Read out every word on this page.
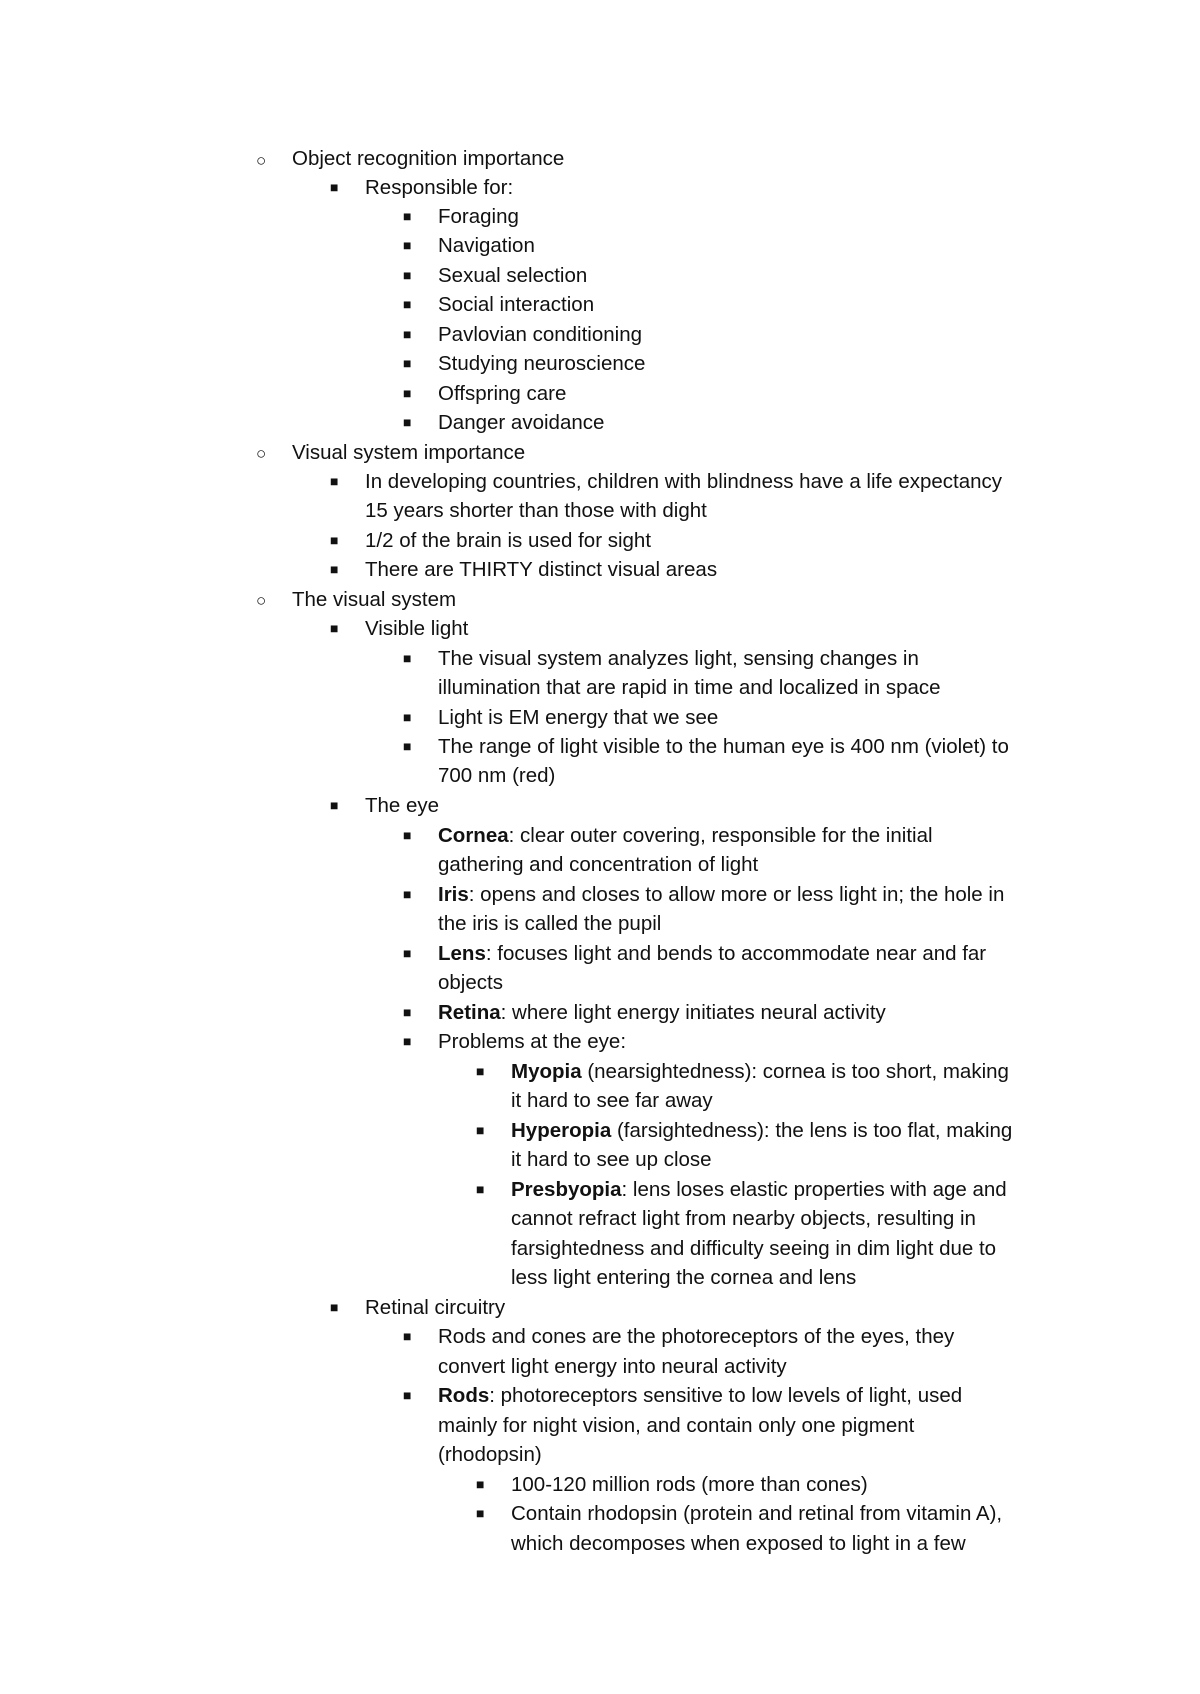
○ Object recognition importance
■ Responsible for:
■ Foraging
■ Navigation
■ Sexual selection
■ Social interaction
■ Pavlovian conditioning
■ Studying neuroscience
■ Offspring care
■ Danger avoidance
○ Visual system importance
■ In developing countries, children with blindness have a life expectancy
15 years shorter than those with dight
■ 1/2 of the brain is used for sight
■ There are THIRTY distinct visual areas
○ The visual system
■ Visible light
■ The visual system analyzes light, sensing changes in
illumination that are rapid in time and localized in space
■ Light is EM energy that we see
■ The range of light visible to the human eye is 400 nm (violet) to
700 nm (red)
■ The eye
■ Cornea: clear outer covering, responsible for the initial
gathering and concentration of light
■ Iris: opens and closes to allow more or less light in; the hole in
the iris is called the pupil
■ Lens: focuses light and bends to accommodate near and far
objects
■ Retina: where light energy initiates neural activity
■ Problems at the eye:
■ Myopia (nearsightedness): cornea is too short, making
it hard to see far away
■ Hyperopia (farsightedness): the lens is too flat, making
it hard to see up close
■ Presbyopia: lens loses elastic properties with age and
cannot refract light from nearby objects, resulting in
farsightedness and difficulty seeing in dim light due to
less light entering the cornea and lens
■ Retinal circuitry
■ Rods and cones are the photoreceptors of the eyes, they
convert light energy into neural activity
■ Rods: photoreceptors sensitive to low levels of light, used
mainly for night vision, and contain only one pigment
(rhodopsin)
■ 100-120 million rods (more than cones)
■ Contain rhodopsin (protein and retinal from vitamin A),
which decomposes when exposed to light in a few
